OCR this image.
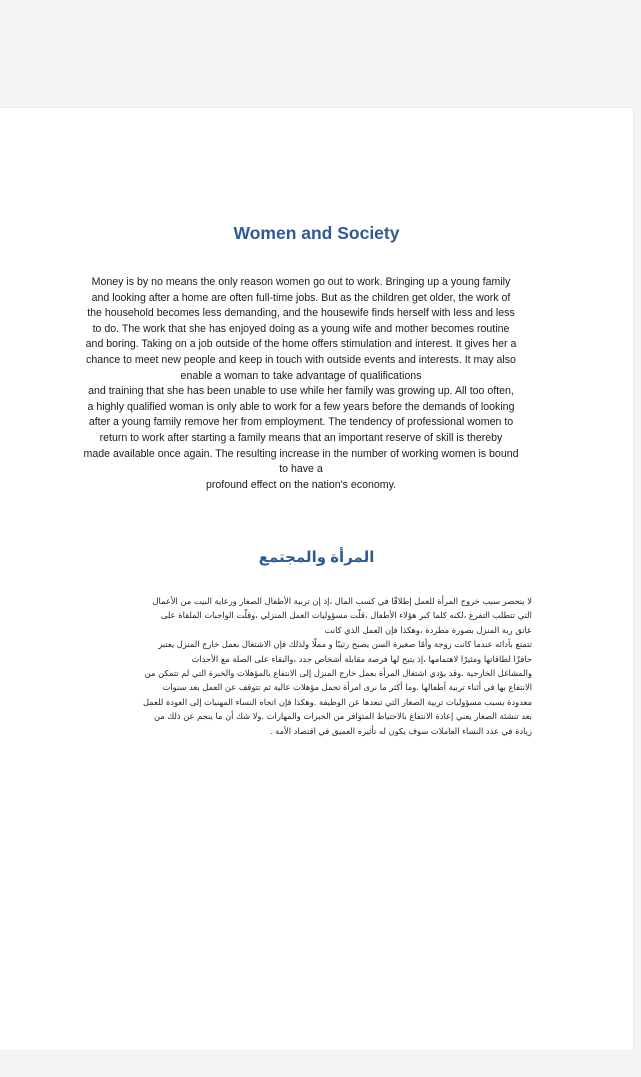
Women and Society

Money is by no means the only reason women go out to work. Bringing up a young family
and looking after a home are often full-time jobs. But as the children get older, the work of
the household becomes less demanding, and the housewife finds herself with less and less
to do. The work that she has enjoyed doing as a young wife and mother becomes routine
and boring. Taking on a job outside of the home offers stimulation and interest. It gives her a
chance to meet new people and keep in touch with outside events and interests. It may also
enable a woman to take advantage of qualifications
and training that she has been unable to use while her family was growing up. All too often,
a highly qualified woman is only able to work for a few years before the demands of looking
after a young family remove her from employment. The tendency of professional women to
return to work after starting a family means that an important reserve of skill is thereby
made available once again. The resulting increase in the number of working women is bound
to have a
profound effect on the nation's economy.

المرأة والمجتمع

لا ينحصر سبب خروج المرأة للعمل إطلاقًا في كسب المال ،إذ إن تربية الأطفال الصغار ورعاية البيت من الأعمال
التي تتطلب التفرغ ،لكنه كلما كبر هؤلاء الأطفال ،قلّت مسؤوليات العمل المنزلي ،وقلّت الواجبات الملقاة على
عاتق ربة المنزل بصورة مطردة ،وهكذا فإن العمل الذي كانت
تتمتع بأدائه عندما كانت زوجة وأمًا صغيرة السن يصبح رتيبًا و مملًا ولذلك فإن الاشتغال بعمل خارج المنزل يعتبر
حافزًا لطاقاتها ومثيرًا لاهتمامها ،إذ يتيح لها فرصة مقابلة أشخاص جدد ،والبقاء على الصلة مع الأحداث
والمشاغل الخارجية .وقد يؤدي اشتغال المرأة بعمل خارج المنزل إلى الانتفاع بالمؤهلات والخبرة التي لم تتمكن من
الانتفاع بها في أثناء تربية أطفالها .وما أكثر ما نرى امرأة تحمل مؤهلات عالية ثم تتوقف عن العمل بعد سنوات
معدودة بسبب مسؤوليات تربية الصغار التي تبعدها عن الوظيفة .وهكذا فإن اتجاه النساء المهنيات إلى العودة للعمل
بعد تنشئة الصغار يعني إعادة الانتفاع بالاحتياط المتوافر من الخبرات والمهارات .ولا شك أن ما ينجم عن ذلك من
زيادة في عدد النساء العاملات سوف يكون له تأثيره العميق في اقتصاد الأمة .
